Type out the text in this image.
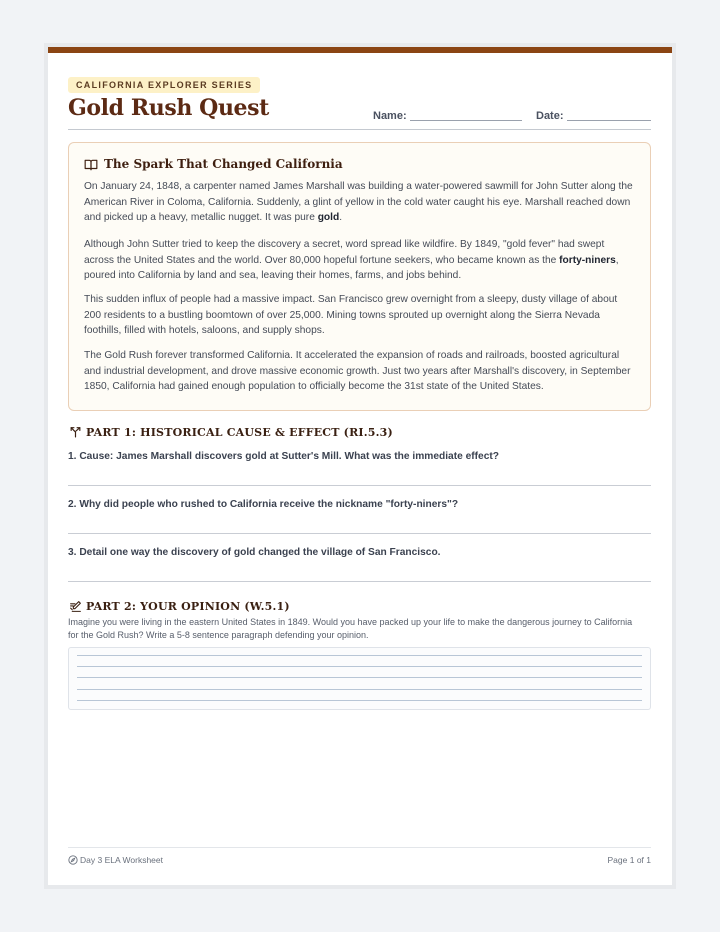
CALIFORNIA EXPLORER SERIES
Gold Rush Quest	Name:	Date:
The Spark That Changed California
On January 24, 1848, a carpenter named James Marshall was building a water-powered sawmill for John Sutter along the American River in Coloma, California. Suddenly, a glint of yellow in the cold water caught his eye. Marshall reached down and picked up a heavy, metallic nugget. It was pure gold.
Although John Sutter tried to keep the discovery a secret, word spread like wildfire. By 1849, "gold fever" had swept across the United States and the world. Over 80,000 hopeful fortune seekers, who became known as the forty-niners, poured into California by land and sea, leaving their homes, farms, and jobs behind.
This sudden influx of people had a massive impact. San Francisco grew overnight from a sleepy, dusty village of about 200 residents to a bustling boomtown of over 25,000. Mining towns sprouted up overnight along the Sierra Nevada foothills, filled with hotels, saloons, and supply shops.
The Gold Rush forever transformed California. It accelerated the expansion of roads and railroads, boosted agricultural and industrial development, and drove massive economic growth. Just two years after Marshall's discovery, in September 1850, California had gained enough population to officially become the 31st state of the United States.
PART 1: HISTORICAL CAUSE & EFFECT (RI.5.3)
1. Cause: James Marshall discovers gold at Sutter's Mill. What was the immediate effect?
2. Why did people who rushed to California receive the nickname "forty-niners"?
3. Detail one way the discovery of gold changed the village of San Francisco.
PART 2: YOUR OPINION (W.5.1)
Imagine you were living in the eastern United States in 1849. Would you have packed up your life to make the dangerous journey to California for the Gold Rush? Write a 5-8 sentence paragraph defending your opinion.
Day 3 ELA Worksheet	Page 1 of 1
